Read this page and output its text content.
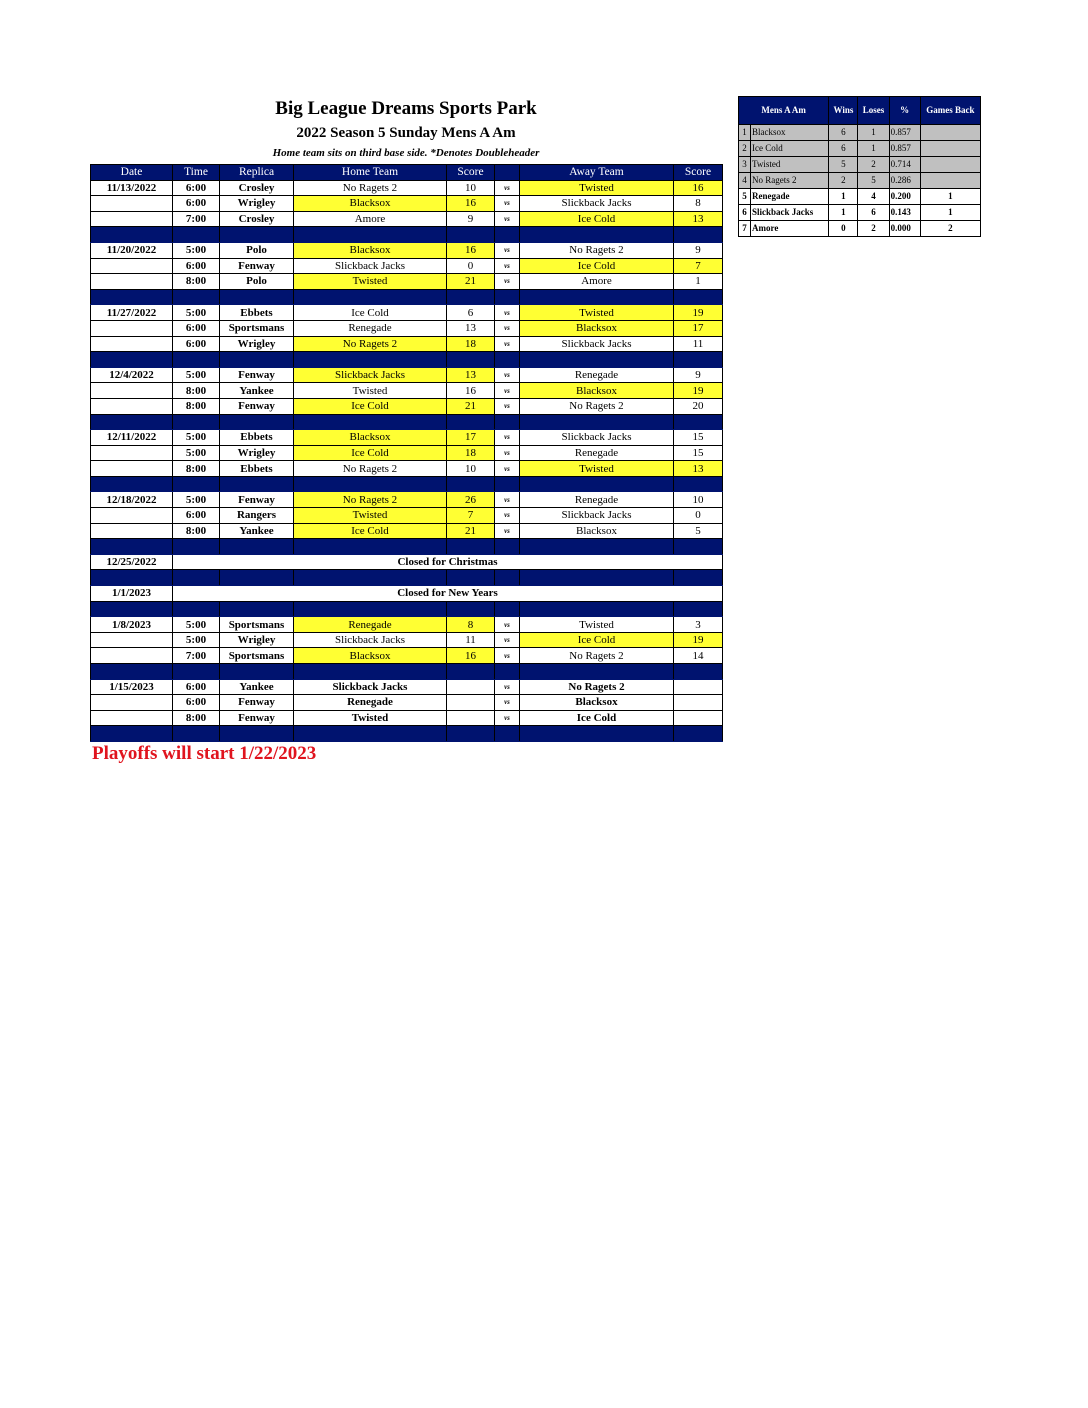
Big League Dreams Sports Park
2022 Season 5 Sunday Mens A Am
Home team sits on third base side. *Denotes Doubleheader
Date	Time	Replica	Home Team	Score		Away Team	Score
11/13/2022	6:00	Crosley	No Ragets 2	10	vs	Twisted	16
	6:00	Wrigley	Blacksox	16	vs	Slickback Jacks	8
	7:00	Crosley	Amore	9	vs	Ice Cold	13

11/20/2022	5:00	Polo	Blacksox	16	vs	No Ragets 2	9
	6:00	Fenway	Slickback Jacks	0	vs	Ice Cold	7
	8:00	Polo	Twisted	21	vs	Amore	1

11/27/2022	5:00	Ebbets	Ice Cold	6	vs	Twisted	19
	6:00	Sportsmans	Renegade	13	vs	Blacksox	17
	6:00	Wrigley	No Ragets 2	18	vs	Slickback Jacks	11

12/4/2022	5:00	Fenway	Slickback Jacks	13	vs	Renegade	9
	8:00	Yankee	Twisted	16	vs	Blacksox	19
	8:00	Fenway	Ice Cold	21	vs	No Ragets 2	20

12/11/2022	5:00	Ebbets	Blacksox	17	vs	Slickback Jacks	15
	5:00	Wrigley	Ice Cold	18	vs	Renegade	15
	8:00	Ebbets	No Ragets 2	10	vs	Twisted	13

12/18/2022	5:00	Fenway	No Ragets 2	26	vs	Renegade	10
	6:00	Rangers	Twisted	7	vs	Slickback Jacks	0
	8:00	Yankee	Ice Cold	21	vs	Blacksox	5

12/25/2022	Closed for Christmas						

1/1/2023	Closed for New Years						

1/8/2023	5:00	Sportsmans	Renegade	8	vs	Twisted	3
	5:00	Wrigley	Slickback Jacks	11	vs	Ice Cold	19
	7:00	Sportsmans	Blacksox	16	vs	No Ragets 2	14

1/15/2023	6:00	Yankee	Slickback Jacks		vs	No Ragets 2	
	6:00	Fenway	Renegade		vs	Blacksox	
	8:00	Fenway	Twisted		vs	Ice Cold	

Mens A Am		Wins	Loses	%	Games Back
1	Blacksox	6	1	0.857	
2	Ice Cold	6	1	0.857	
3	Twisted	5	2	0.714	
4	No Ragets 2	2	5	0.286	
5	Renegade	1	4	0.200	1
6	Slickback Jacks	1	6	0.143	1
7	Amore	0	2	0.000	2
Playoffs will start 1/22/2023
